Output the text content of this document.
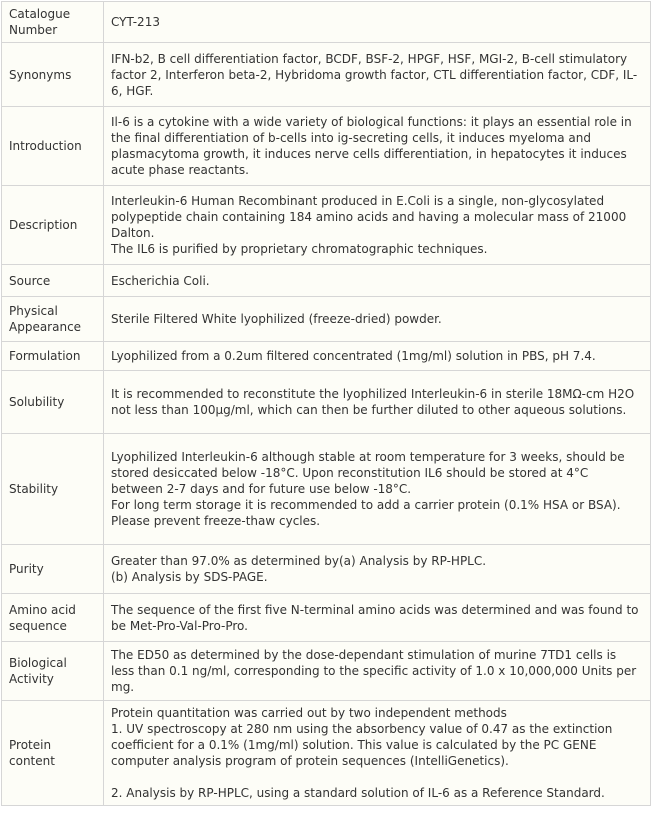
Catalogue Number	CYT-213

Synonyms	IFN-b2, B cell differentiation factor, BCDF, BSF-2, HPGF, HSF, MGI-2, B-cell stimulatory factor 2, Interferon beta-2, Hybridoma growth factor, CTL differentiation factor, CDF, IL-6, HGF.

Introduction	Il-6 is a cytokine with a wide variety of biological functions: it plays an essential role in the final differentiation of b-cells into ig-secreting cells, it induces myeloma and plasmacytoma growth, it induces nerve cells differentiation, in hepatocytes it induces acute phase reactants.

Description	Interleukin-6 Human Recombinant produced in E.Coli is a single, non-glycosylated polypeptide chain containing 184 amino acids and having a molecular mass of 21000 Dalton.
The IL6 is purified by proprietary chromatographic techniques.

Source	Escherichia Coli.

Physical Appearance	Sterile Filtered White lyophilized (freeze-dried) powder.

Formulation	Lyophilized from a 0.2um filtered concentrated (1mg/ml) solution in PBS, pH 7.4.

Solubility	It is recommended to reconstitute the lyophilized Interleukin-6 in sterile 18MΩ-cm H2O not less than 100µg/ml, which can then be further diluted to other aqueous solutions.

Stability	Lyophilized Interleukin-6 although stable at room temperature for 3 weeks, should be stored desiccated below -18°C. Upon reconstitution IL6 should be stored at 4°C between 2-7 days and for future use below -18°C.
For long term storage it is recommended to add a carrier protein (0.1% HSA or BSA).
Please prevent freeze-thaw cycles.

Purity	Greater than 97.0% as determined by(a) Analysis by RP-HPLC.
(b) Analysis by SDS-PAGE.

Amino acid sequence	The sequence of the first five N-terminal amino acids was determined and was found to be Met-Pro-Val-Pro-Pro.

Biological Activity	The ED50 as determined by the dose-dependant stimulation of murine 7TD1 cells is less than 0.1 ng/ml, corresponding to the specific activity of 1.0 x 10,000,000 Units per mg.

Protein content	Protein quantitation was carried out by two independent methods
1. UV spectroscopy at 280 nm using the absorbency value of 0.47 as the extinction coefficient for a 0.1% (1mg/ml) solution. This value is calculated by the PC GENE computer analysis program of protein sequences (IntelliGenetics).
2. Analysis by RP-HPLC, using a standard solution of IL-6 as a Reference Standard.
